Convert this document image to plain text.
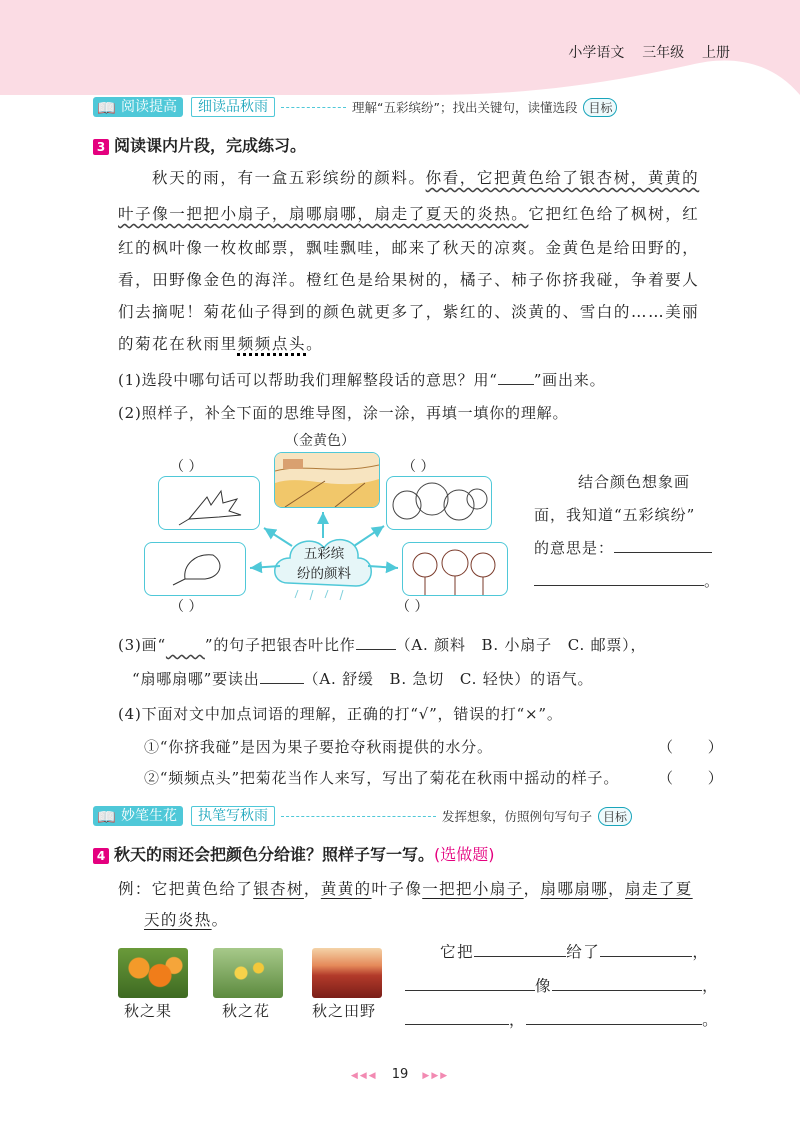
小学语文 三年级 上册
📖 阅读提高	细读品秋雨	理解“五彩缤纷”；找出关键句，读懂选段 目标
3 阅读课内片段，完成练习。
秋天的雨，有一盒五彩缤纷的颜料。你看，它把黄色给了银杏树，黄黄的
叶子像一把把小扇子，扇哪扇哪，扇走了夏天的炎热。它把红色给了枫树，红
红的枫叶像一枚枚邮票，飘哇飘哇，邮来了秋天的凉爽。金黄色是给田野的，
看，田野像金色的海洋。橙红色是给果树的，橘子、柿子你挤我碰，争着要人
们去摘呢！菊花仙子得到的颜色就更多了，紫红的、淡黄的、雪白的……美丽
的菊花在秋雨里频频点头。
(1)选段中哪句话可以帮助我们理解整段话的意思？用“ ”画出来。
(2)照样子，补全下面的思维导图，涂一涂，再填一填你的理解。
（金黄色）
（ ）	（ ）
（ ）	（ ）
五彩缤
纷的颜料
结合颜色想象画
面，我知道“五彩缤纷”
的意思是：
。
(3)画“	”的句子把银杏叶比作	（A. 颜料　B. 小扇子　C. 邮票），
“扇哪扇哪”要读出	（A. 舒缓　B. 急切　C. 轻快）的语气。
(4)下面对文中加点词语的理解，正确的打“√”，错误的打“×”。
①“你挤我碰”是因为果子要抢夺秋雨提供的水分。	（　　）
②“频频点头”把菊花当作人来写，写出了菊花在秋雨中摇动的样子。	（　　）
📖 妙笔生花	执笔写秋雨	发挥想象，仿照例句写句子 目标
4 秋天的雨还会把颜色分给谁？照样子写一写。(选做题)
例：它把黄色给了银杏树，黄黄的叶子像一把把小扇子，扇哪扇哪，扇走了夏
天的炎热。
秋之果	秋之花	秋之田野
它把	给了	，
像	，
，	。
◀◀◀ 19 ▶▶▶
